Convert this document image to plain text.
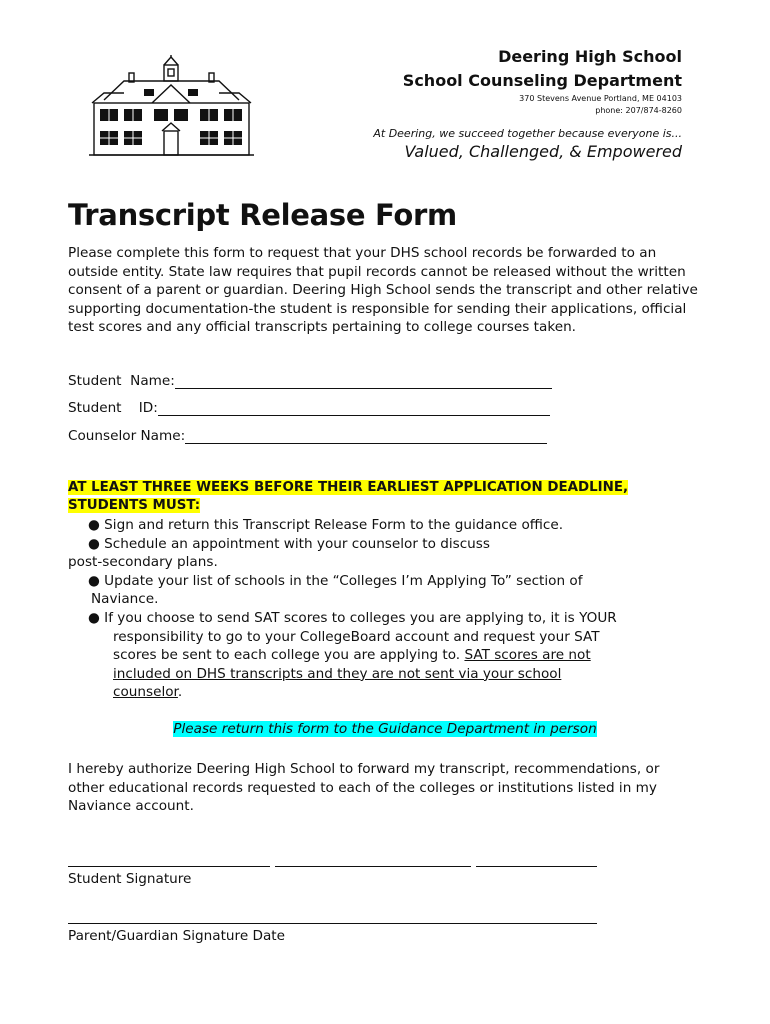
Deering High School
School Counseling Department
370 Stevens Avenue Portland, ME 04103
phone: 207/874-8260
At Deering, we succeed together because everyone is...
Valued, Challenged, & Empowered
Transcript Release Form
Please complete this form to request that your DHS school records be forwarded to an outside entity. State law requires that pupil records cannot be released without the written consent of a parent or guardian. Deering High School sends the transcript and other relative supporting documentation-the student is responsible for sending their applications, official test scores and any official transcripts pertaining to college courses taken.
Student  Name:
Student    ID:
Counselor Name:
AT LEAST THREE WEEKS BEFORE THEIR EARLIEST APPLICATION DEADLINE, STUDENTS MUST:
● Sign and return this Transcript Release Form to the guidance office.
● Schedule an appointment with your counselor to discuss
post-secondary plans.
● Update your list of schools in the “Colleges I’m Applying To” section of
Naviance.
● If you choose to send SAT scores to colleges you are applying to, it is YOUR
responsibility to go to your CollegeBoard account and request your SAT scores be sent to each college you are applying to. SAT scores are not included on DHS transcripts and they are not sent via your school counselor.
Please return this form to the Guidance Department in person
I hereby authorize Deering High School to forward my transcript, recommendations, or other educational records requested to each of the colleges or institutions listed in my Naviance account.
Student Signature
Parent/Guardian Signature Date
